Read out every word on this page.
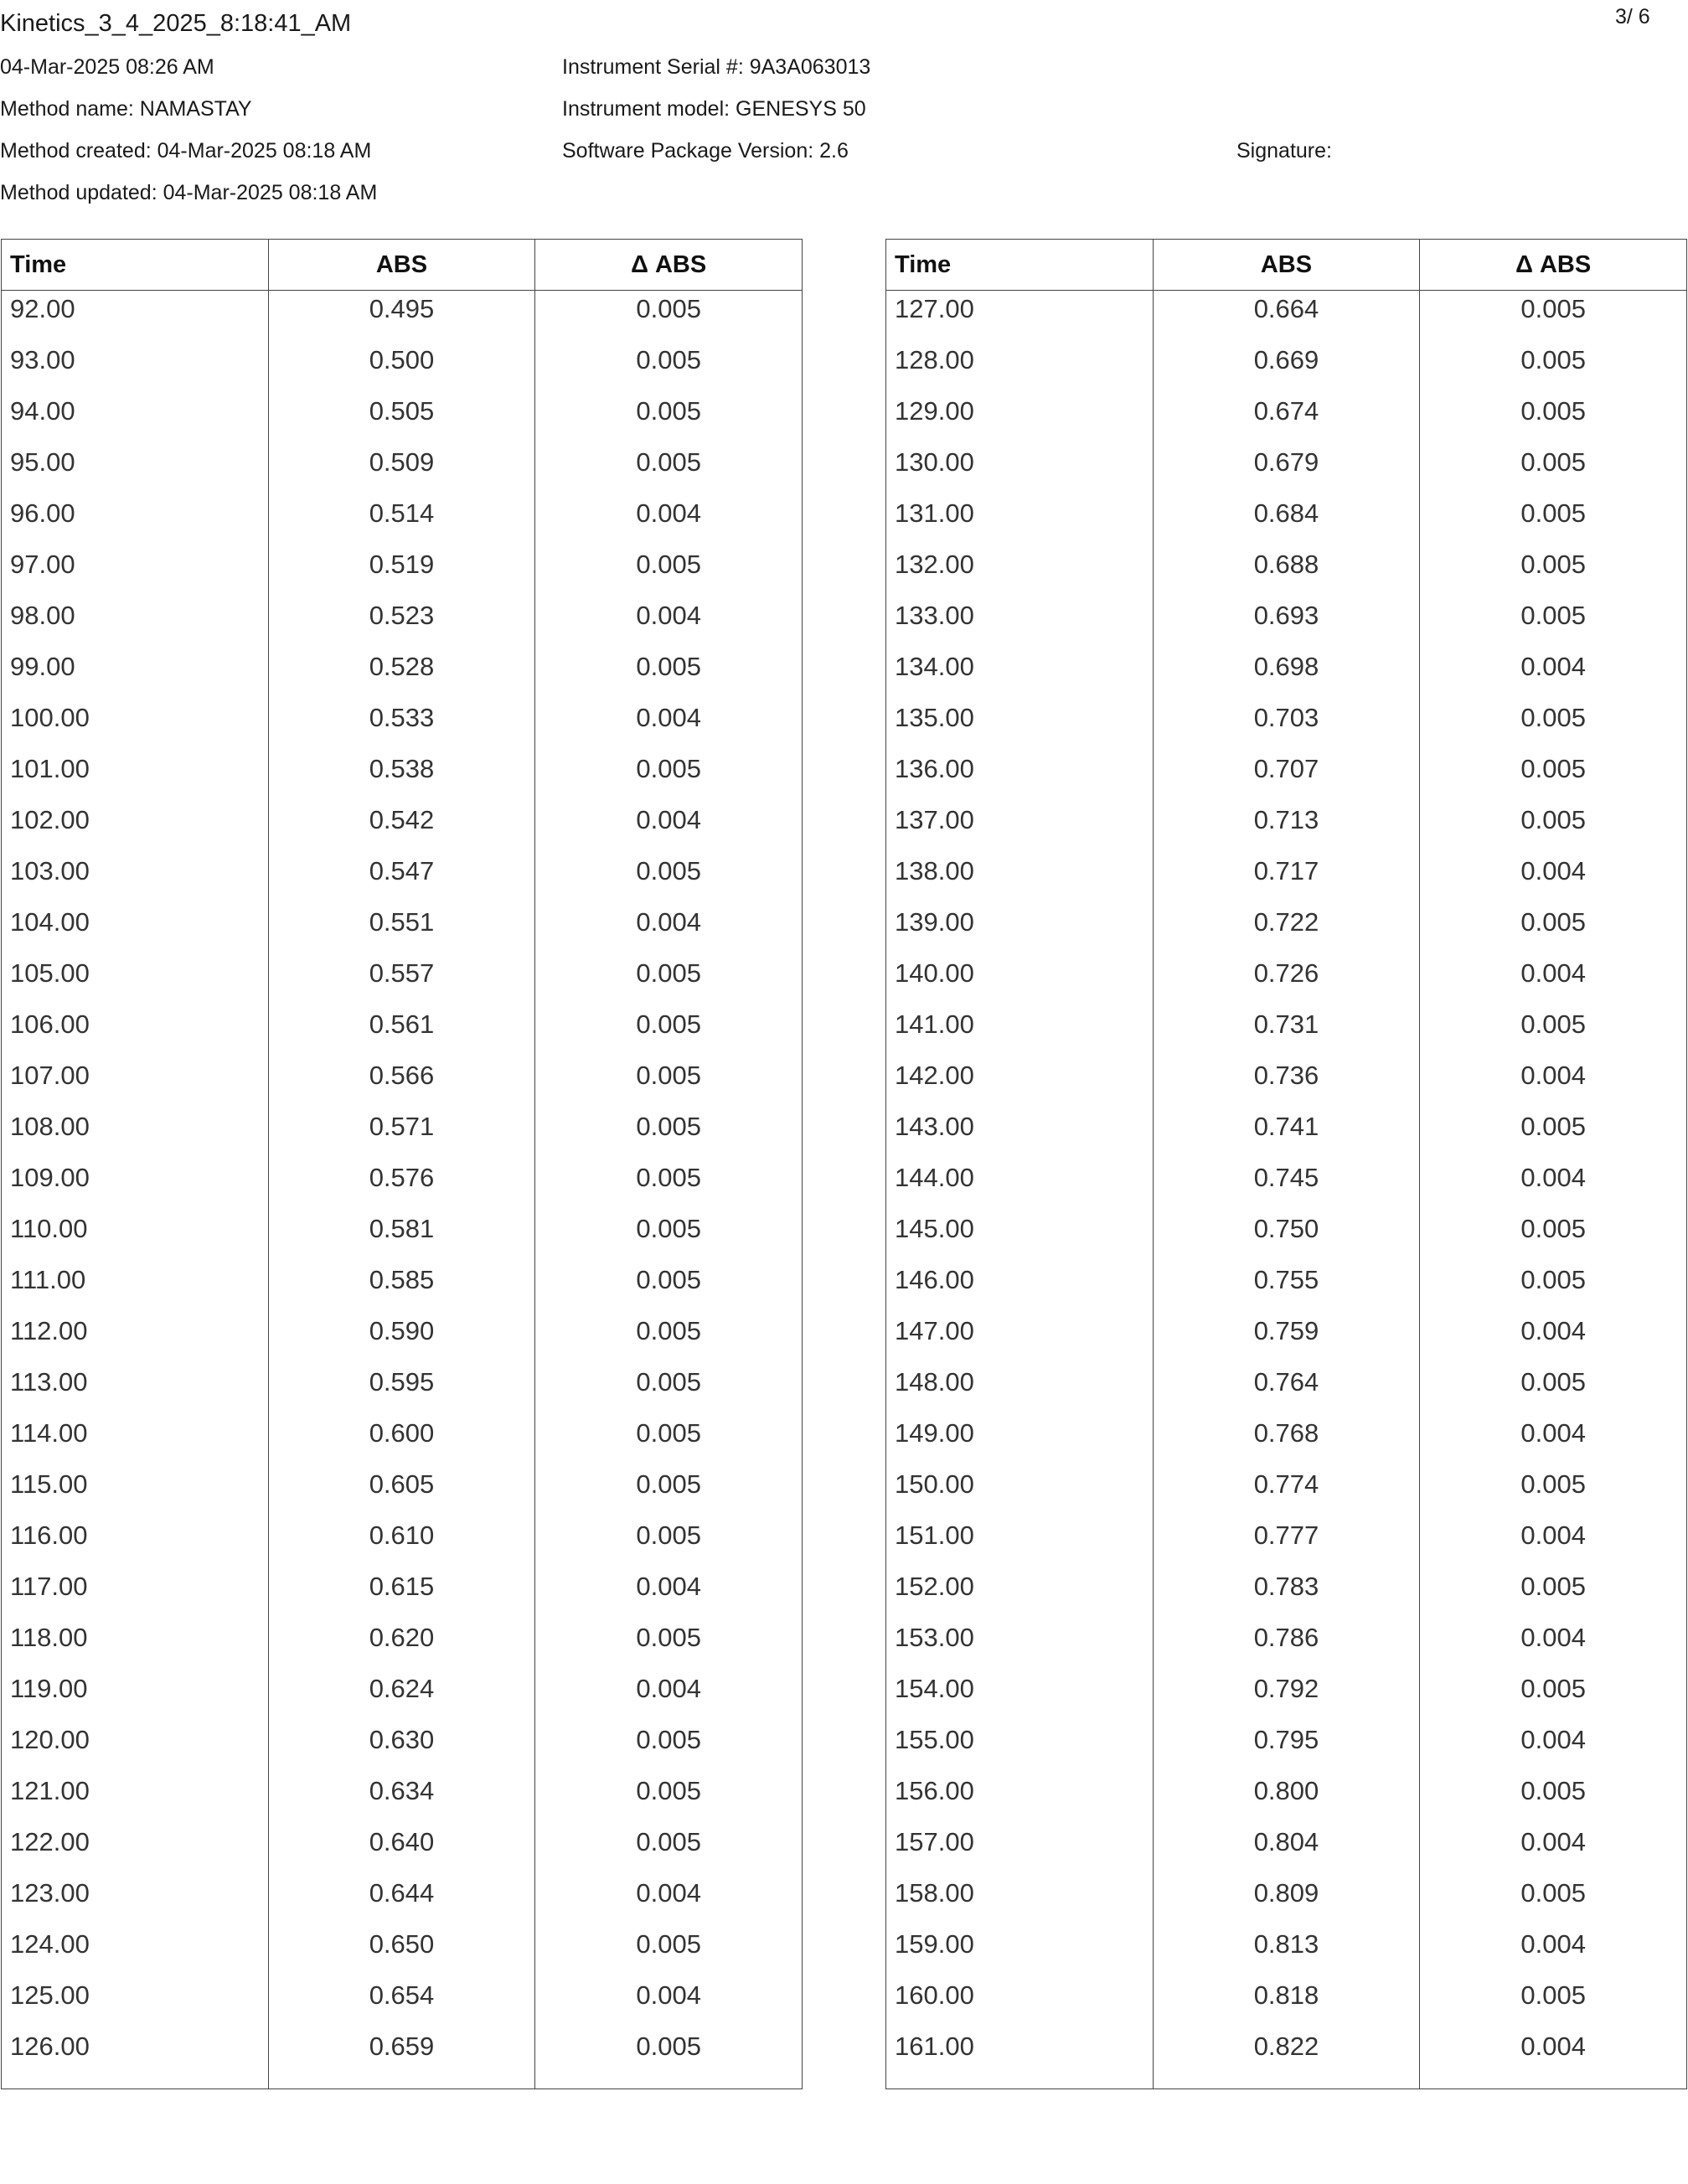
Kinetics_3_4_2025_8:18:41_AM	3/ 6
04-Mar-2025 08:26 AM
Method name: NAMASTAY
Method created: 04-Mar-2025 08:18 AM
Method updated: 04-Mar-2025 08:18 AM
Instrument Serial #: 9A3A063013
Instrument model: GENESYS 50
Software Package Version: 2.6	Signature:
Time	ABS	Δ ABS
92.00	0.495	0.005
93.00	0.500	0.005
94.00	0.505	0.005
95.00	0.509	0.005
96.00	0.514	0.004
97.00	0.519	0.005
98.00	0.523	0.004
99.00	0.528	0.005
100.00	0.533	0.004
101.00	0.538	0.005
102.00	0.542	0.004
103.00	0.547	0.005
104.00	0.551	0.004
105.00	0.557	0.005
106.00	0.561	0.005
107.00	0.566	0.005
108.00	0.571	0.005
109.00	0.576	0.005
110.00	0.581	0.005
111.00	0.585	0.005
112.00	0.590	0.005
113.00	0.595	0.005
114.00	0.600	0.005
115.00	0.605	0.005
116.00	0.610	0.005
117.00	0.615	0.004
118.00	0.620	0.005
119.00	0.624	0.004
120.00	0.630	0.005
121.00	0.634	0.005
122.00	0.640	0.005
123.00	0.644	0.004
124.00	0.650	0.005
125.00	0.654	0.004
126.00	0.659	0.005
Time	ABS	Δ ABS
127.00	0.664	0.005
128.00	0.669	0.005
129.00	0.674	0.005
130.00	0.679	0.005
131.00	0.684	0.005
132.00	0.688	0.005
133.00	0.693	0.005
134.00	0.698	0.004
135.00	0.703	0.005
136.00	0.707	0.005
137.00	0.713	0.005
138.00	0.717	0.004
139.00	0.722	0.005
140.00	0.726	0.004
141.00	0.731	0.005
142.00	0.736	0.004
143.00	0.741	0.005
144.00	0.745	0.004
145.00	0.750	0.005
146.00	0.755	0.005
147.00	0.759	0.004
148.00	0.764	0.005
149.00	0.768	0.004
150.00	0.774	0.005
151.00	0.777	0.004
152.00	0.783	0.005
153.00	0.786	0.004
154.00	0.792	0.005
155.00	0.795	0.004
156.00	0.800	0.005
157.00	0.804	0.004
158.00	0.809	0.005
159.00	0.813	0.004
160.00	0.818	0.005
161.00	0.822	0.004
